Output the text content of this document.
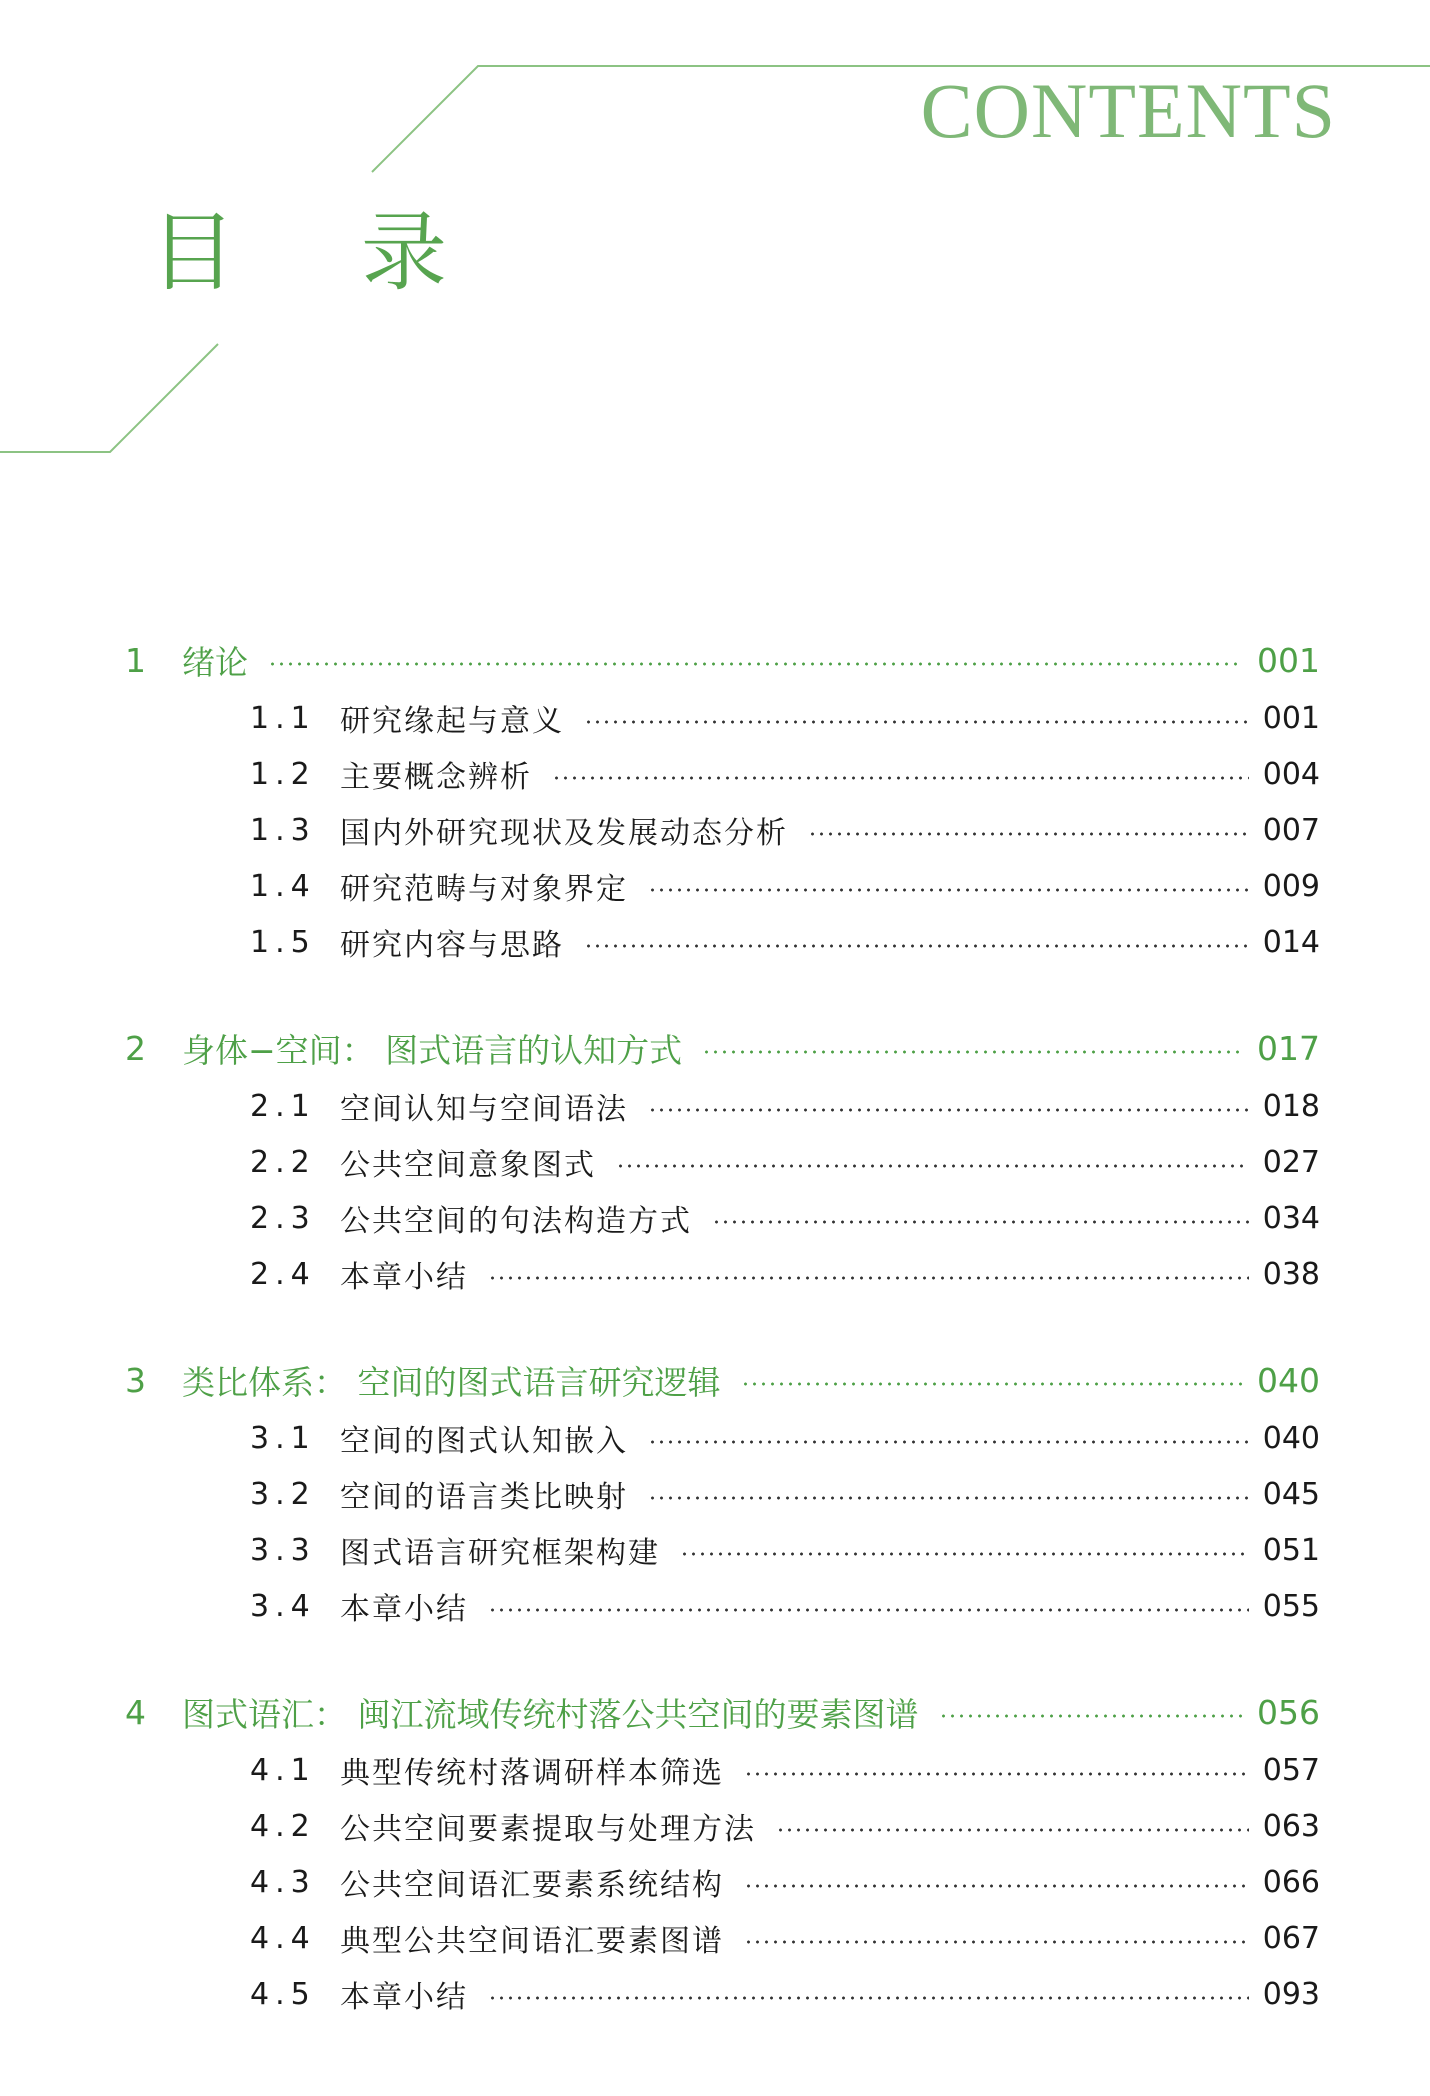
CONTENTS
目 录
1 绪论	001
1.1 研究缘起与意义	001
1.2 主要概念辨析	004
1.3 国内外研究现状及发展动态分析	007
1.4 研究范畴与对象界定	009
1.5 研究内容与思路	014
2 身体−空间： 图式语言的认知方式	017
2.1 空间认知与空间语法	018
2.2 公共空间意象图式	027
2.3 公共空间的句法构造方式	034
2.4 本章小结	038
3 类比体系： 空间的图式语言研究逻辑	040
3.1 空间的图式认知嵌入	040
3.2 空间的语言类比映射	045
3.3 图式语言研究框架构建	051
3.4 本章小结	055
4 图式语汇： 闽江流域传统村落公共空间的要素图谱	056
4.1 典型传统村落调研样本筛选	057
4.2 公共空间要素提取与处理方法	063
4.3 公共空间语汇要素系统结构	066
4.4 典型公共空间语汇要素图谱	067
4.5 本章小结	093
